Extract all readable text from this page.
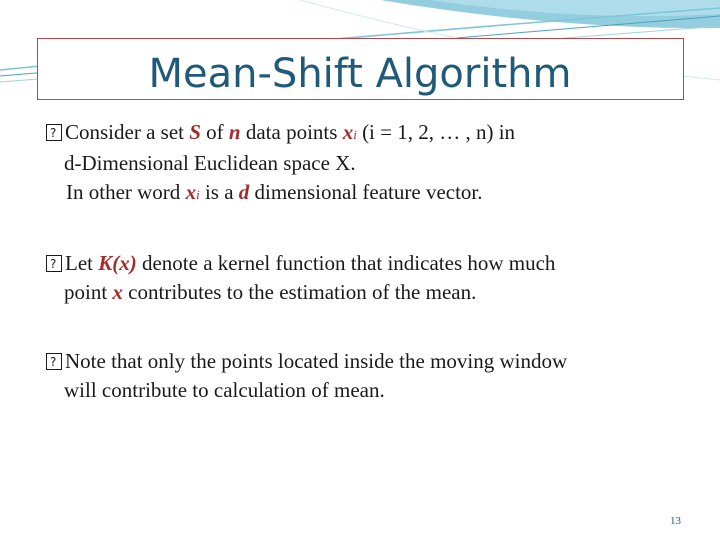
Mean-Shift Algorithm
?Consider a set S of n data points xi (i = 1, 2, … , n) in
d-Dimensional Euclidean space X.
In other word xi is a d dimensional feature vector.
?Let K(x) denote a kernel function that indicates how much
point x contributes to the estimation of the mean.
?Note that only the points located inside the moving window
will contribute to calculation of mean.
13
